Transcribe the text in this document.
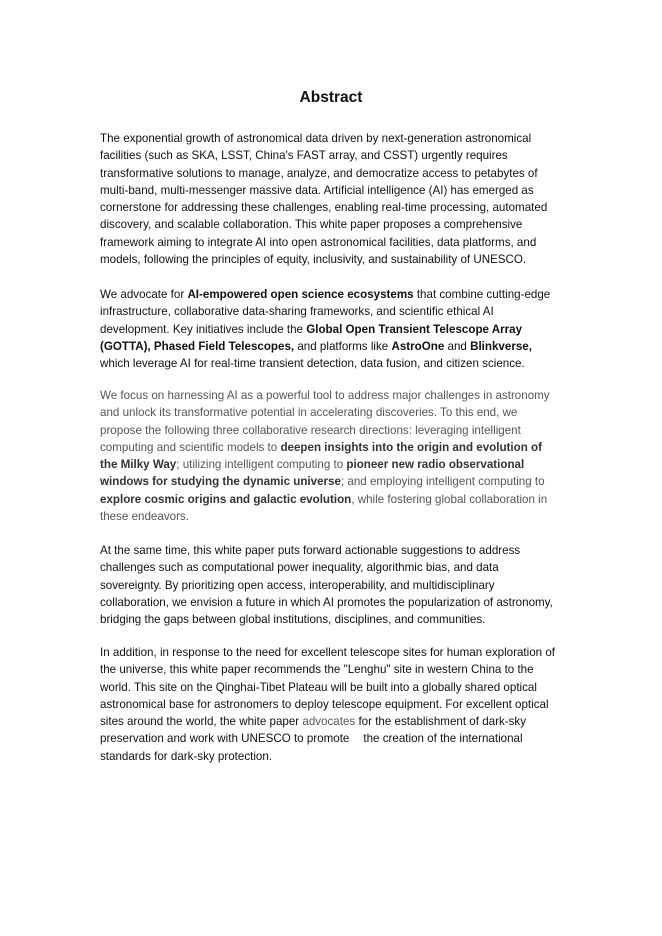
Abstract

The exponential growth of astronomical data driven by next-generation astronomical facilities (such as SKA, LSST, China's FAST array, and CSST) urgently requires transformative solutions to manage, analyze, and democratize access to petabytes of multi-band, multi-messenger massive data. Artificial intelligence (AI) has emerged as cornerstone for addressing these challenges, enabling real-time processing, automated discovery, and scalable collaboration. This white paper proposes a comprehensive framework aiming to integrate AI into open astronomical facilities, data platforms, and models, following the principles of equity, inclusivity, and sustainability of UNESCO.

We advocate for AI-empowered open science ecosystems that combine cutting-edge infrastructure, collaborative data-sharing frameworks, and scientific ethical AI development. Key initiatives include the Global Open Transient Telescope Array (GOTTA), Phased Field Telescopes, and platforms like AstroOne and Blinkverse, which leverage AI for real-time transient detection, data fusion, and citizen science.

We focus on harnessing AI as a powerful tool to address major challenges in astronomy and unlock its transformative potential in accelerating discoveries. To this end, we propose the following three collaborative research directions: leveraging intelligent computing and scientific models to deepen insights into the origin and evolution of the Milky Way; utilizing intelligent computing to pioneer new radio observational windows for studying the dynamic universe; and employing intelligent computing to explore cosmic origins and galactic evolution, while fostering global collaboration in these endeavors.

At the same time, this white paper puts forward actionable suggestions to address challenges such as computational power inequality, algorithmic bias, and data sovereignty. By prioritizing open access, interoperability, and multidisciplinary collaboration, we envision a future in which AI promotes the popularization of astronomy, bridging the gaps between global institutions, disciplines, and communities.

In addition, in response to the need for excellent telescope sites for human exploration of the universe, this white paper recommends the "Lenghu" site in western China to the world. This site on the Qinghai-Tibet Plateau will be built into a globally shared optical astronomical base for astronomers to deploy telescope equipment. For excellent optical sites around the world, the white paper advocates for the establishment of dark-sky preservation and work with UNESCO to promote the creation of the international standards for dark-sky protection.
